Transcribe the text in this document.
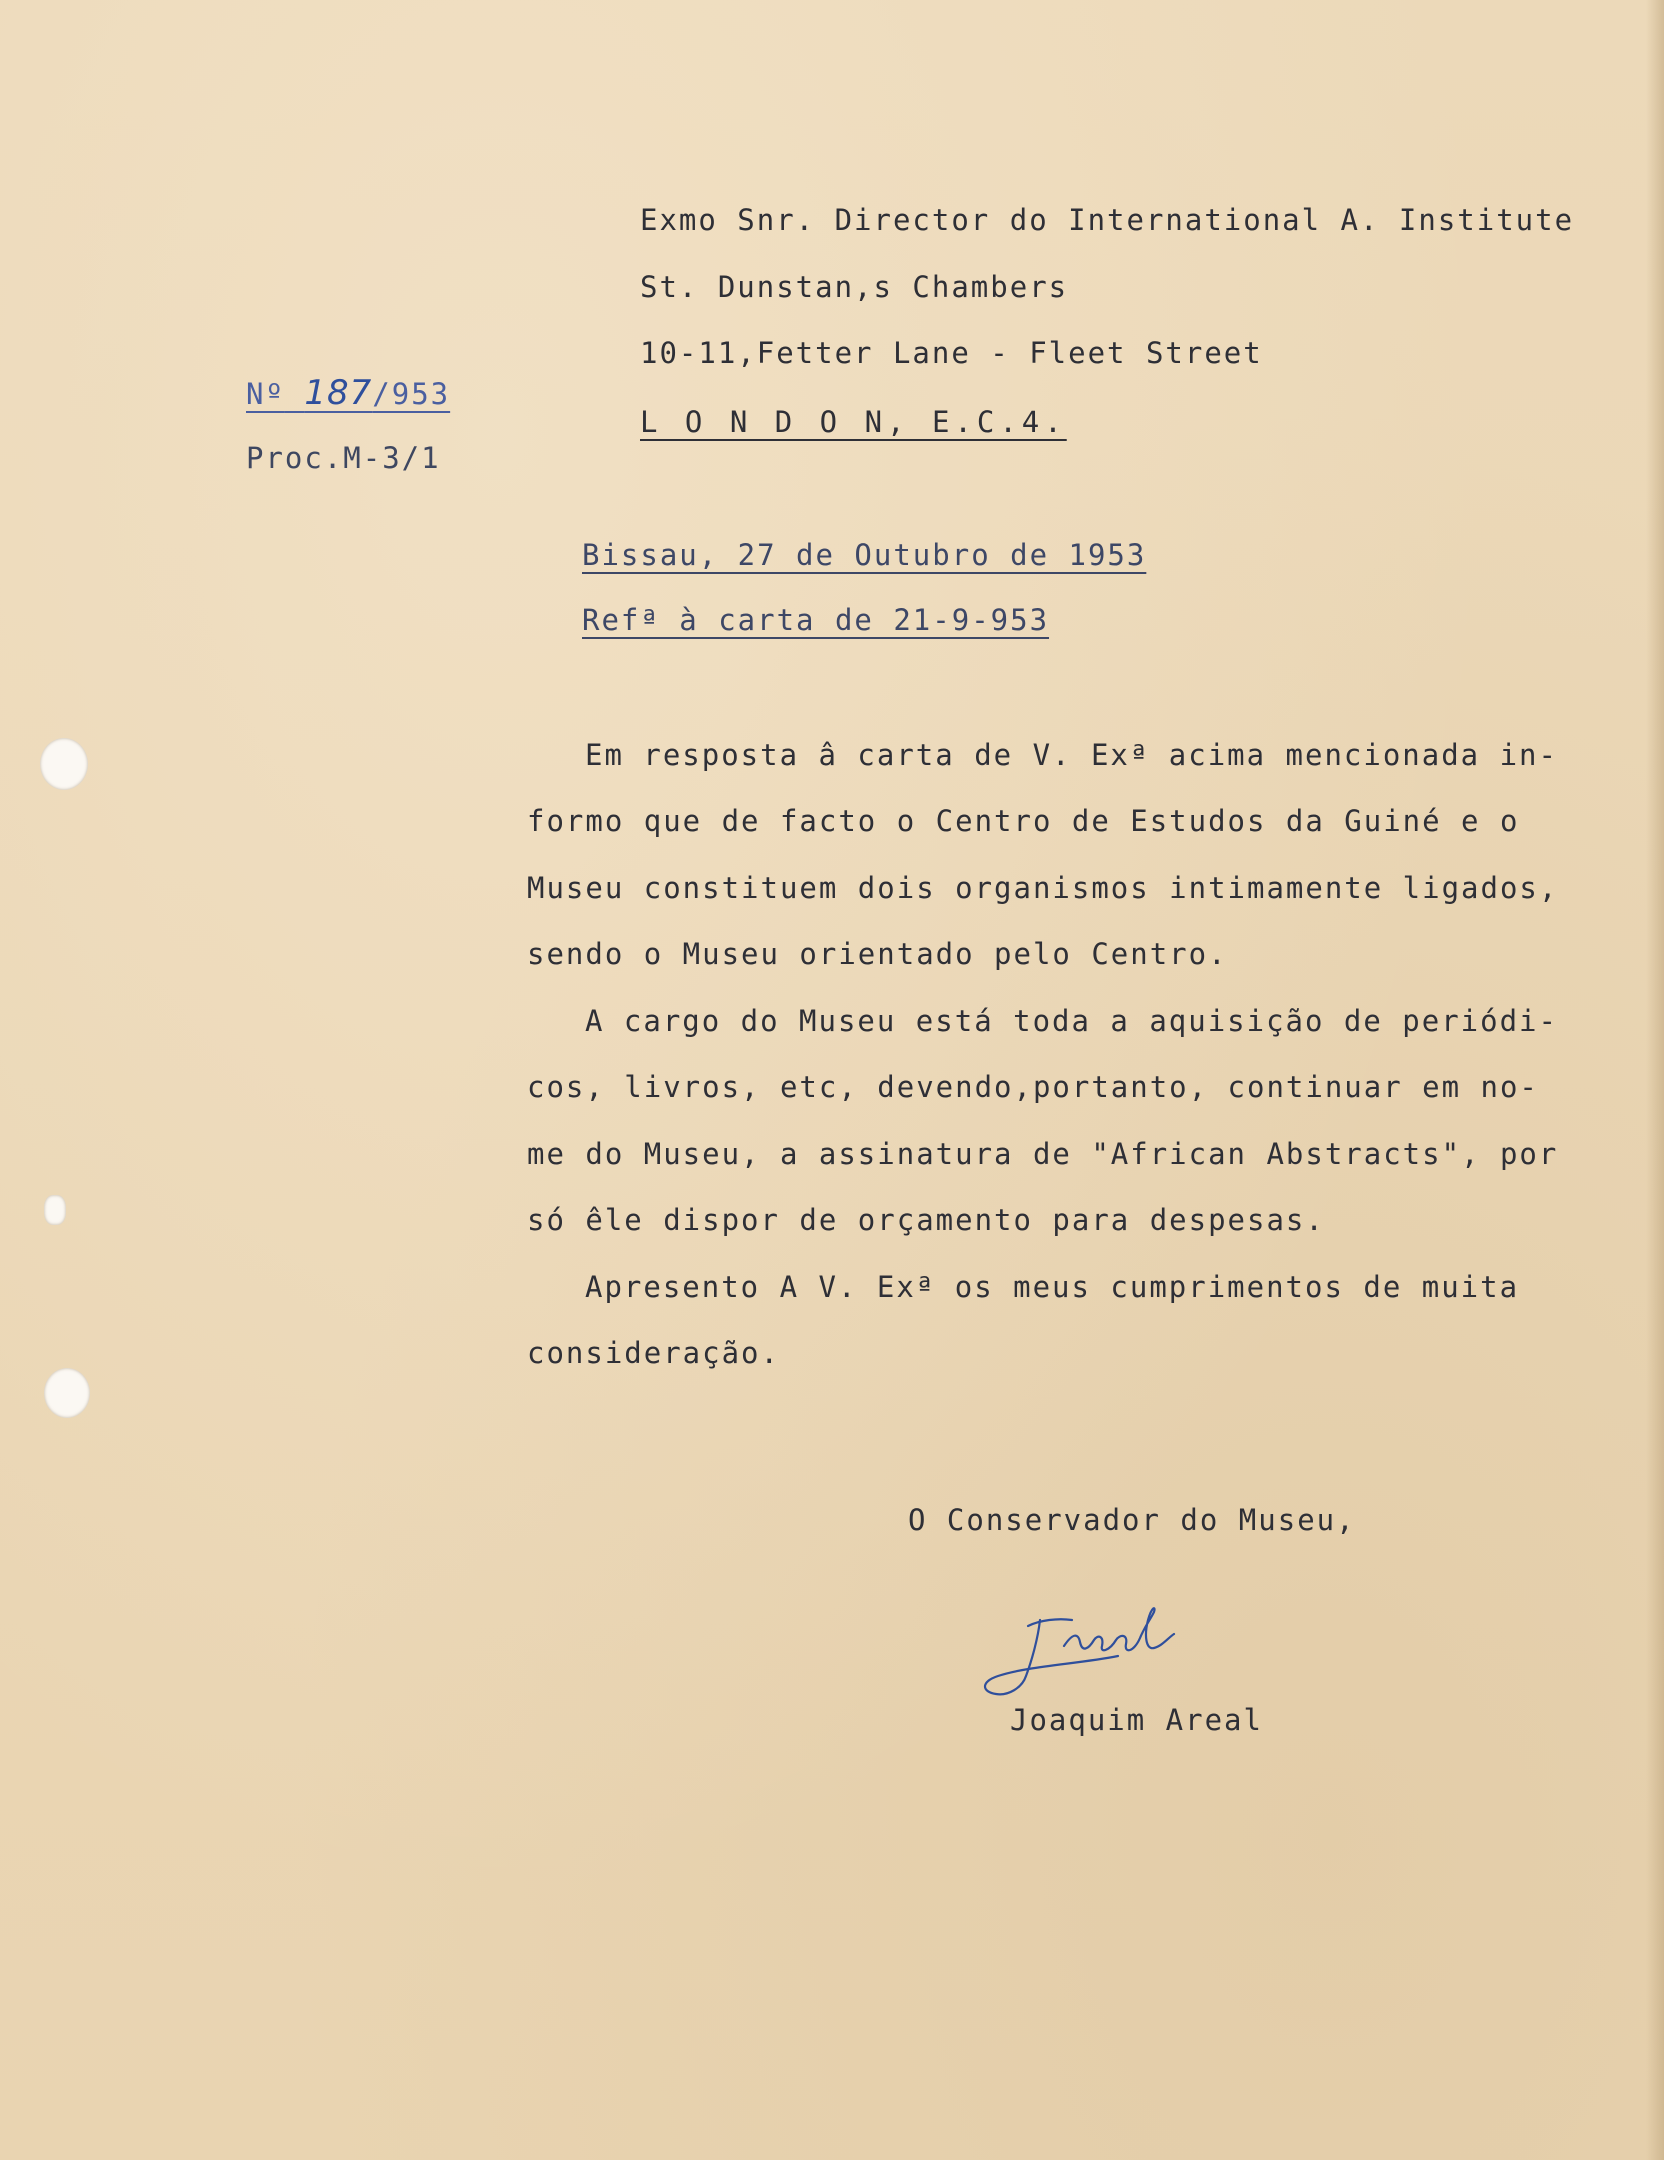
Exmo Snr. Director do International A. Institute
St. Dunstan,s Chambers
10-11,Fetter Lane - Fleet Street
L O N D O N, E.C.4.
Nº 187/953
Proc.M-3/1
Bissau, 27 de Outubro de 1953
Refª à carta de 21-9-953
Em resposta â carta de V. Exª acima mencionada in-
formo que de facto o Centro de Estudos da Guiné e o
Museu constituem dois organismos intimamente ligados,
sendo o Museu orientado pelo Centro.
A cargo do Museu está toda a aquisição de periódi-
cos, livros, etc, devendo,portanto, continuar em no-
me do Museu, a assinatura de "African Abstracts", por
só êle dispor de orçamento para despesas.
Apresento A V. Exª os meus cumprimentos de muita
consideração.
O Conservador do Museu,
Joaquim Areal
